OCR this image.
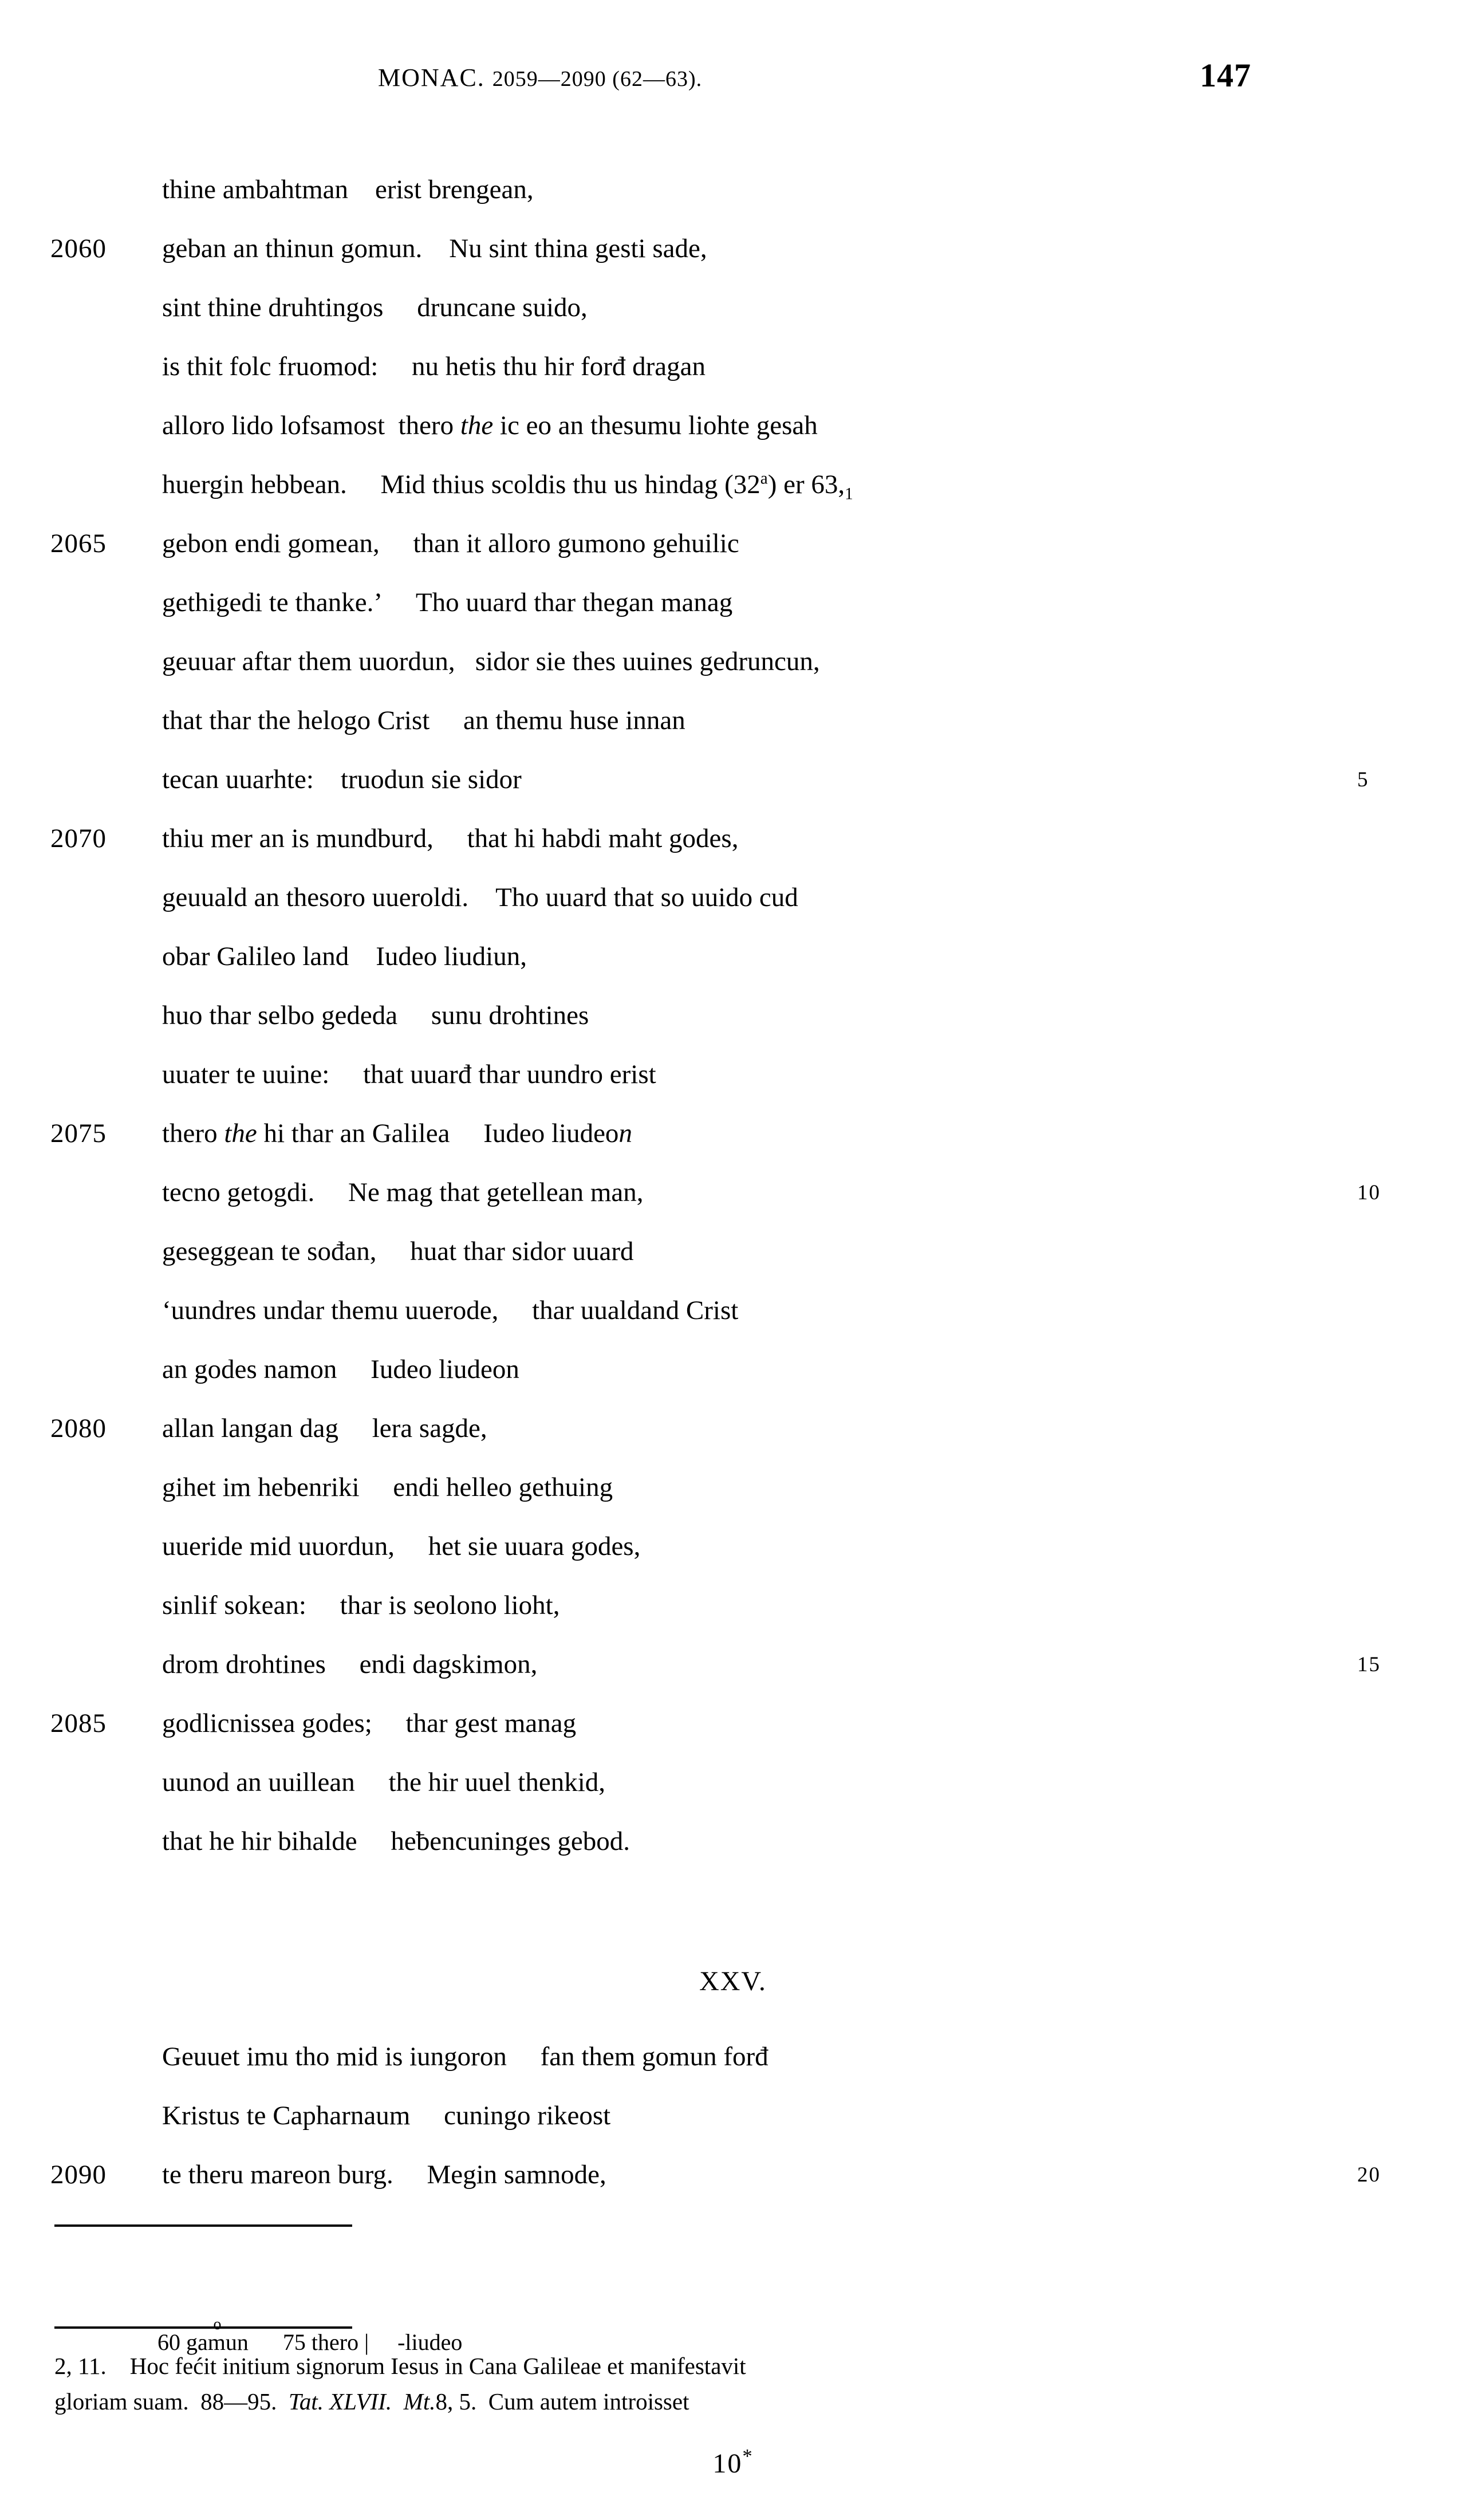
MONAC. 2059—2090 (62—63).	147
thine ambahtman erist brengean,
2060	geban an thinun gomun. Nu sint thina gesti sade,
sint thine druhtingos  druncane suido,
is thit folc fruomod:  nu hetis thu hir forđ dragan
alloro lido lofsamost thero the ic eo an thesumu liohte gesah
huergin hebbean.  Mid thius scoldis thu us hindag (32$^a$) er $63,_1$
2065	gebon endi gomean,  than it alloro gumono gehuilic
gethigedi te thanke.’  Tho uuard thar thegan manag
geuuar aftar them uuordun,  sidor sie thes uuines gedruncun,
that thar the helogo Crist  an themu huse innan
tecan uuarhte: truodun sie sidor	5
2070	thiu mer an is mundburd,  that hi habdi maht godes,
geuuald an thesoro uueroldi. Tho uuard that so uuido cud
obar Galileo land Iudeo liudiun,
huo thar selbo gededa  sunu drohtines
uuater te uuine:  that uuarđ thar uundro erist
2075	thero the hi thar an Galilea  Iudeo liudeon
tecno getogdi.  Ne mag that getellean man,	10
geseggean te sođan,  huat thar sidor uuard
‘uundres undar themu uuerode,  thar uualdand Crist
an godes namon  Iudeo liudeon
2080	allan langan dag  lera sagde,
gihet im hebenriki  endi helleo gethuing
uueride mid uuordun,  het sie uuara godes,
sinlif sokean:  thar is seolono lioht,
drom drohtines  endi dagskimon,	15
2085	godlicnissea godes;  thar gest manag
uunod an uuillean  the hir uuel thenkid,
that he hir bihalde  heƀencuninges gebod.
XXV.
Geuuet imu tho mid is iungoron  fan them gomun forđ
Kristus te Capharnaum  cuningo rikeost
2090	te theru mareon burg.  Megin samnode,	20

60 g
o
amun 75 thero | -liudeo

2, 11. Hoc fećit initium signorum Iesus in Cana Galileae et manifestavit
gloriam suam. 88—95. Tat. XLVII. Mt.8, 5. Cum autem introisset
10*
